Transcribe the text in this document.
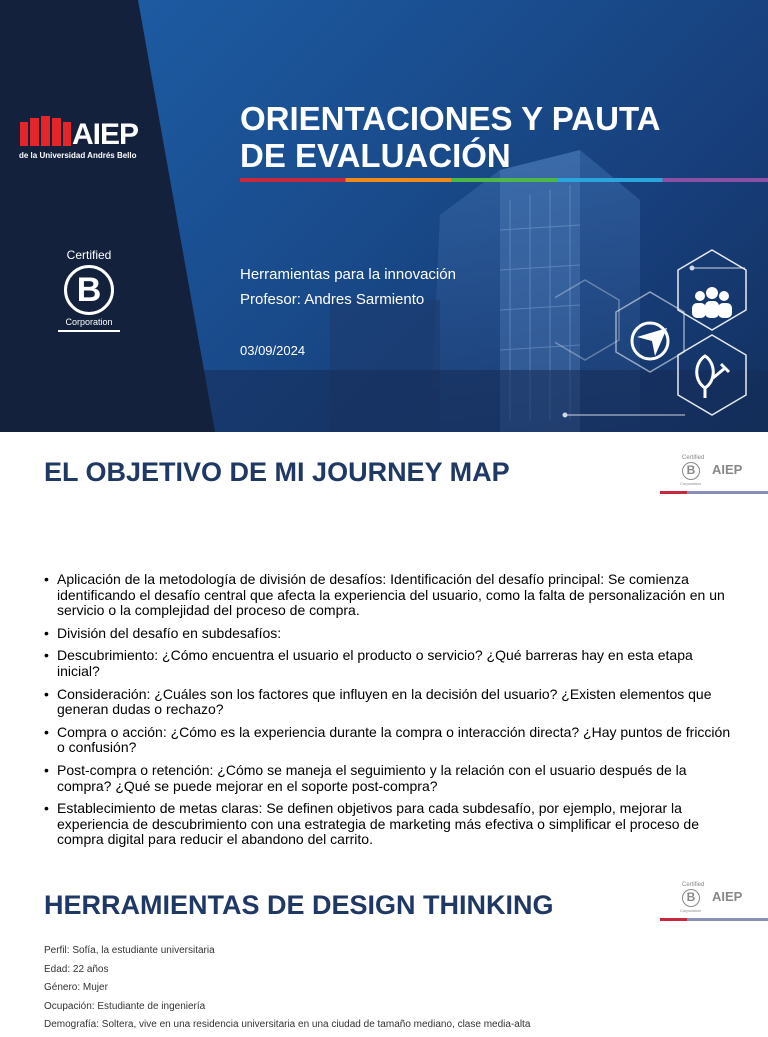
AIEP
de la Universidad Andrés Bello
Certified
B
Corporation
ORIENTACIONES Y PAUTA
DE EVALUACIÓN
Herramientas para la innovación
Profesor: Andres Sarmiento
03/09/2024
EL OBJETIVO DE MI JOURNEY MAP	Certified
B
Corporation
AIEP
• Aplicación de la metodología de división de desafíos: Identificación del desafío principal: Se comienza identificando el desafío central que afecta la experiencia del usuario, como la falta de personalización en un servicio o la complejidad del proceso de compra.
• División del desafío en subdesafíos:
• Descubrimiento: ¿Cómo encuentra el usuario el producto o servicio? ¿Qué barreras hay en esta etapa inicial?
• Consideración: ¿Cuáles son los factores que influyen en la decisión del usuario? ¿Existen elementos que generan dudas o rechazo?
• Compra o acción: ¿Cómo es la experiencia durante la compra o interacción directa? ¿Hay puntos de fricción o confusión?
• Post-compra o retención: ¿Cómo se maneja el seguimiento y la relación con el usuario después de la compra? ¿Qué se puede mejorar en el soporte post-compra?
• Establecimiento de metas claras: Se definen objetivos para cada subdesafío, por ejemplo, mejorar la experiencia de descubrimiento con una estrategia de marketing más efectiva o simplificar el proceso de compra digital para reducir el abandono del carrito.
HERRAMIENTAS DE DESIGN THINKING
Certified
B
Corporation
AIEP
Perfil: Sofía, la estudiante universitaria
Edad: 22 años
Género: Mujer
Ocupación: Estudiante de ingeniería
Demografía: Soltera, vive en una residencia universitaria en una ciudad de tamaño mediano, clase media-alta
